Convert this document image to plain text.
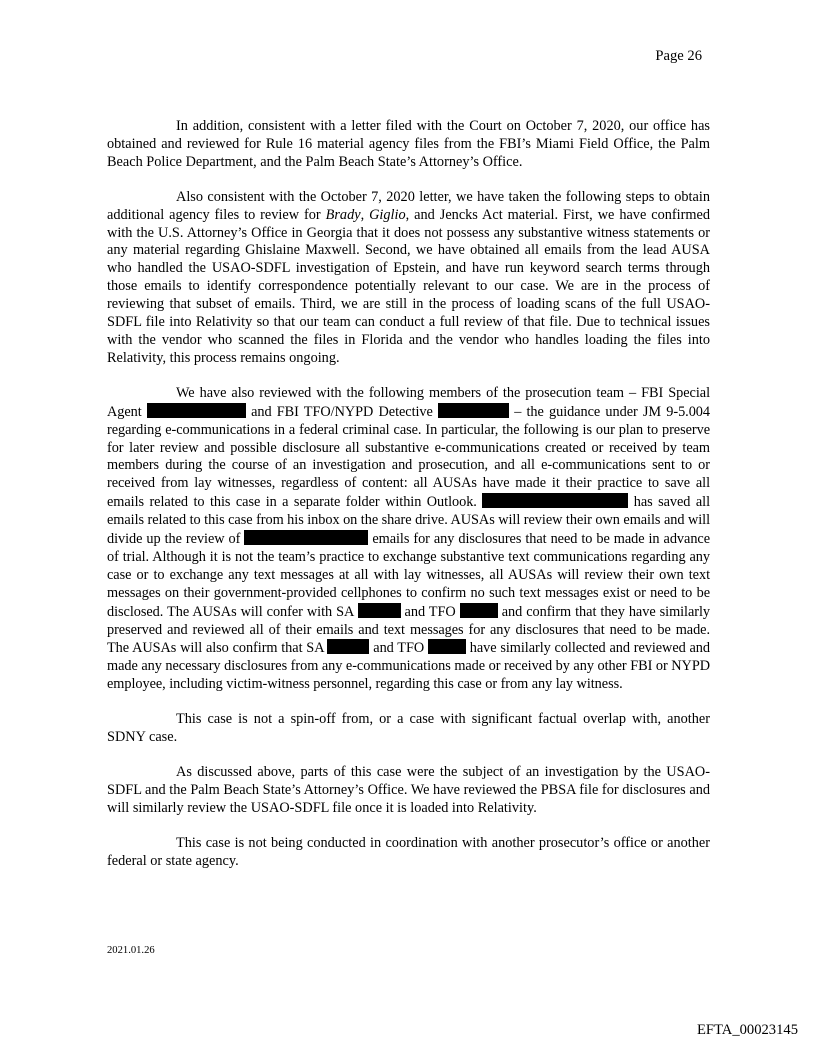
Page 26

In addition, consistent with a letter filed with the Court on October 7, 2020, our office has obtained and reviewed for Rule 16 material agency files from the FBI’s Miami Field Office, the Palm Beach Police Department, and the Palm Beach State’s Attorney’s Office.

Also consistent with the October 7, 2020 letter, we have taken the following steps to obtain additional agency files to review for Brady, Giglio, and Jencks Act material. First, we have confirmed with the U.S. Attorney’s Office in Georgia that it does not possess any substantive witness statements or any material regarding Ghislaine Maxwell. Second, we have obtained all emails from the lead AUSA who handled the USAO-SDFL investigation of Epstein, and have run keyword search terms through those emails to identify correspondence potentially relevant to our case. We are in the process of reviewing that subset of emails. Third, we are still in the process of loading scans of the full USAO-SDFL file into Relativity so that our team can conduct a full review of that file. Due to technical issues with the vendor who scanned the files in Florida and the vendor who handles loading the files into Relativity, this process remains ongoing.

We have also reviewed with the following members of the prosecution team – FBI Special Agent	and FBI TFO/NYPD Detective	– the guidance under JM 9-5.004 regarding e-communications in a federal criminal case. In particular, the following is our plan to preserve for later review and possible disclosure all substantive e-communications created or received by team members during the course of an investigation and prosecution, and all e-communications sent to or received from lay witnesses, regardless of content: all AUSAs have made it their practice to save all emails related to this case in a separate folder within Outlook.	has saved all emails related to this case from his inbox on the share drive. AUSAs will review their own emails and will divide up the review of	emails for any disclosures that need to be made in advance of trial. Although it is not the team’s practice to exchange substantive text communications regarding any case or to exchange any text messages at all with lay witnesses, all AUSAs will review their own text messages on their government-provided cellphones to confirm no such text messages exist or need to be disclosed. The AUSAs will confer with SA	and TFO	and confirm that they have similarly preserved and reviewed all of their emails and text messages for any disclosures that need to be made. The AUSAs will also confirm that SA	and TFO	have similarly collected and reviewed and made any necessary disclosures from any e-communications made or received by any other FBI or NYPD employee, including victim-witness personnel, regarding this case or from any lay witness.

This case is not a spin-off from, or a case with significant factual overlap with, another SDNY case.

As discussed above, parts of this case were the subject of an investigation by the USAO-SDFL and the Palm Beach State’s Attorney’s Office. We have reviewed the PBSA file for disclosures and will similarly review the USAO-SDFL file once it is loaded into Relativity.

This case is not being conducted in coordination with another prosecutor’s office or another federal or state agency.

2021.01.26
EFTA_00023145
